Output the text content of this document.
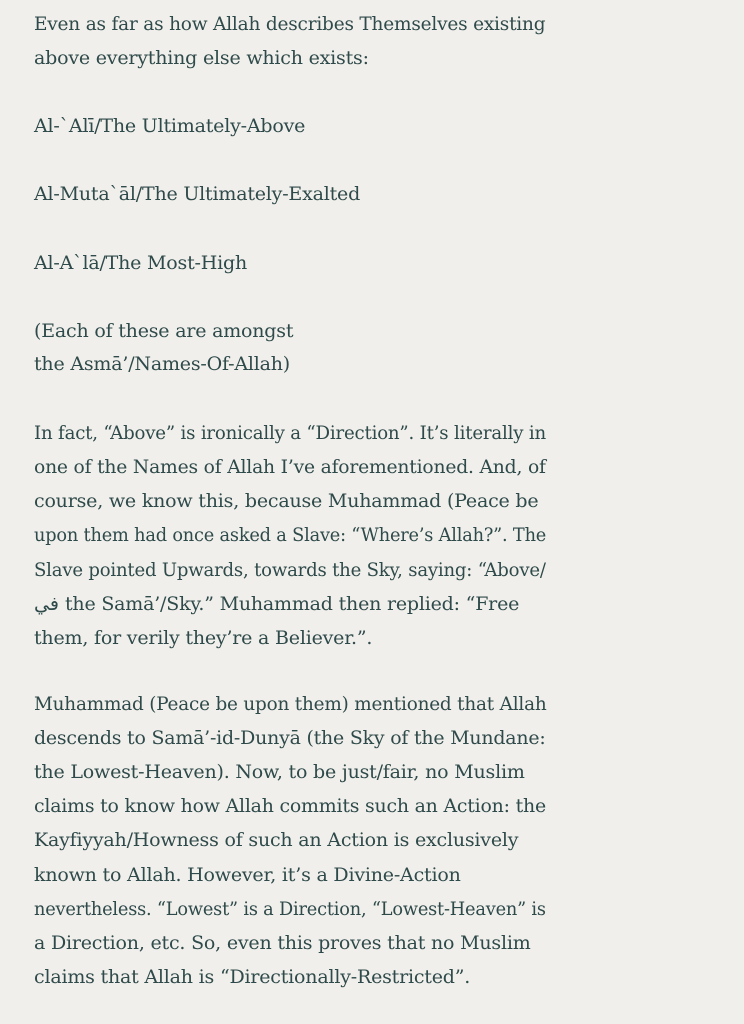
Even as far as how Allah describes Themselves existing
above everything else which exists:
Al-`Alī/The Ultimately-Above
Al-Muta`āl/The Ultimately-Exalted
Al-A`lā/The Most-High
(Each of these are amongst
the Asmā’/Names-Of-Allah)
In fact, “Above” is ironically a “Direction”. It’s literally in
one of the Names of Allah I’ve aforementioned. And, of
course, we know this, because Muhammad (Peace be
upon them had once asked a Slave: “Where’s Allah?”. The
Slave pointed Upwards, towards the Sky, saying: “Above/
في the Samā’/Sky.” Muhammad then replied: “Free
them, for verily they’re a Believer.”.
Muhammad (Peace be upon them) mentioned that Allah
descends to Samā’-id-Dunyā (the Sky of the Mundane:
the Lowest-Heaven). Now, to be just/fair, no Muslim
claims to know how Allah commits such an Action: the
Kayfiyyah/Howness of such an Action is exclusively
known to Allah. However, it’s a Divine-Action
nevertheless. “Lowest” is a Direction, “Lowest-Heaven” is
a Direction, etc. So, even this proves that no Muslim
claims that Allah is “Directionally-Restricted”.
